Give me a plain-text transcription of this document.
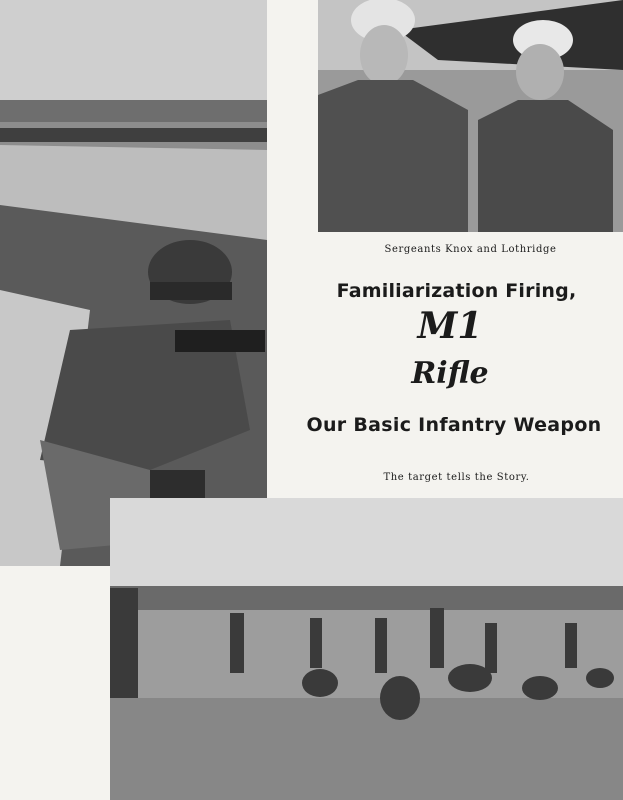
Sergeants Knox and Lothridge
Familiarization Firing,
M1
Rifle
Our Basic Infantry Weapon
The target tells the Story.
